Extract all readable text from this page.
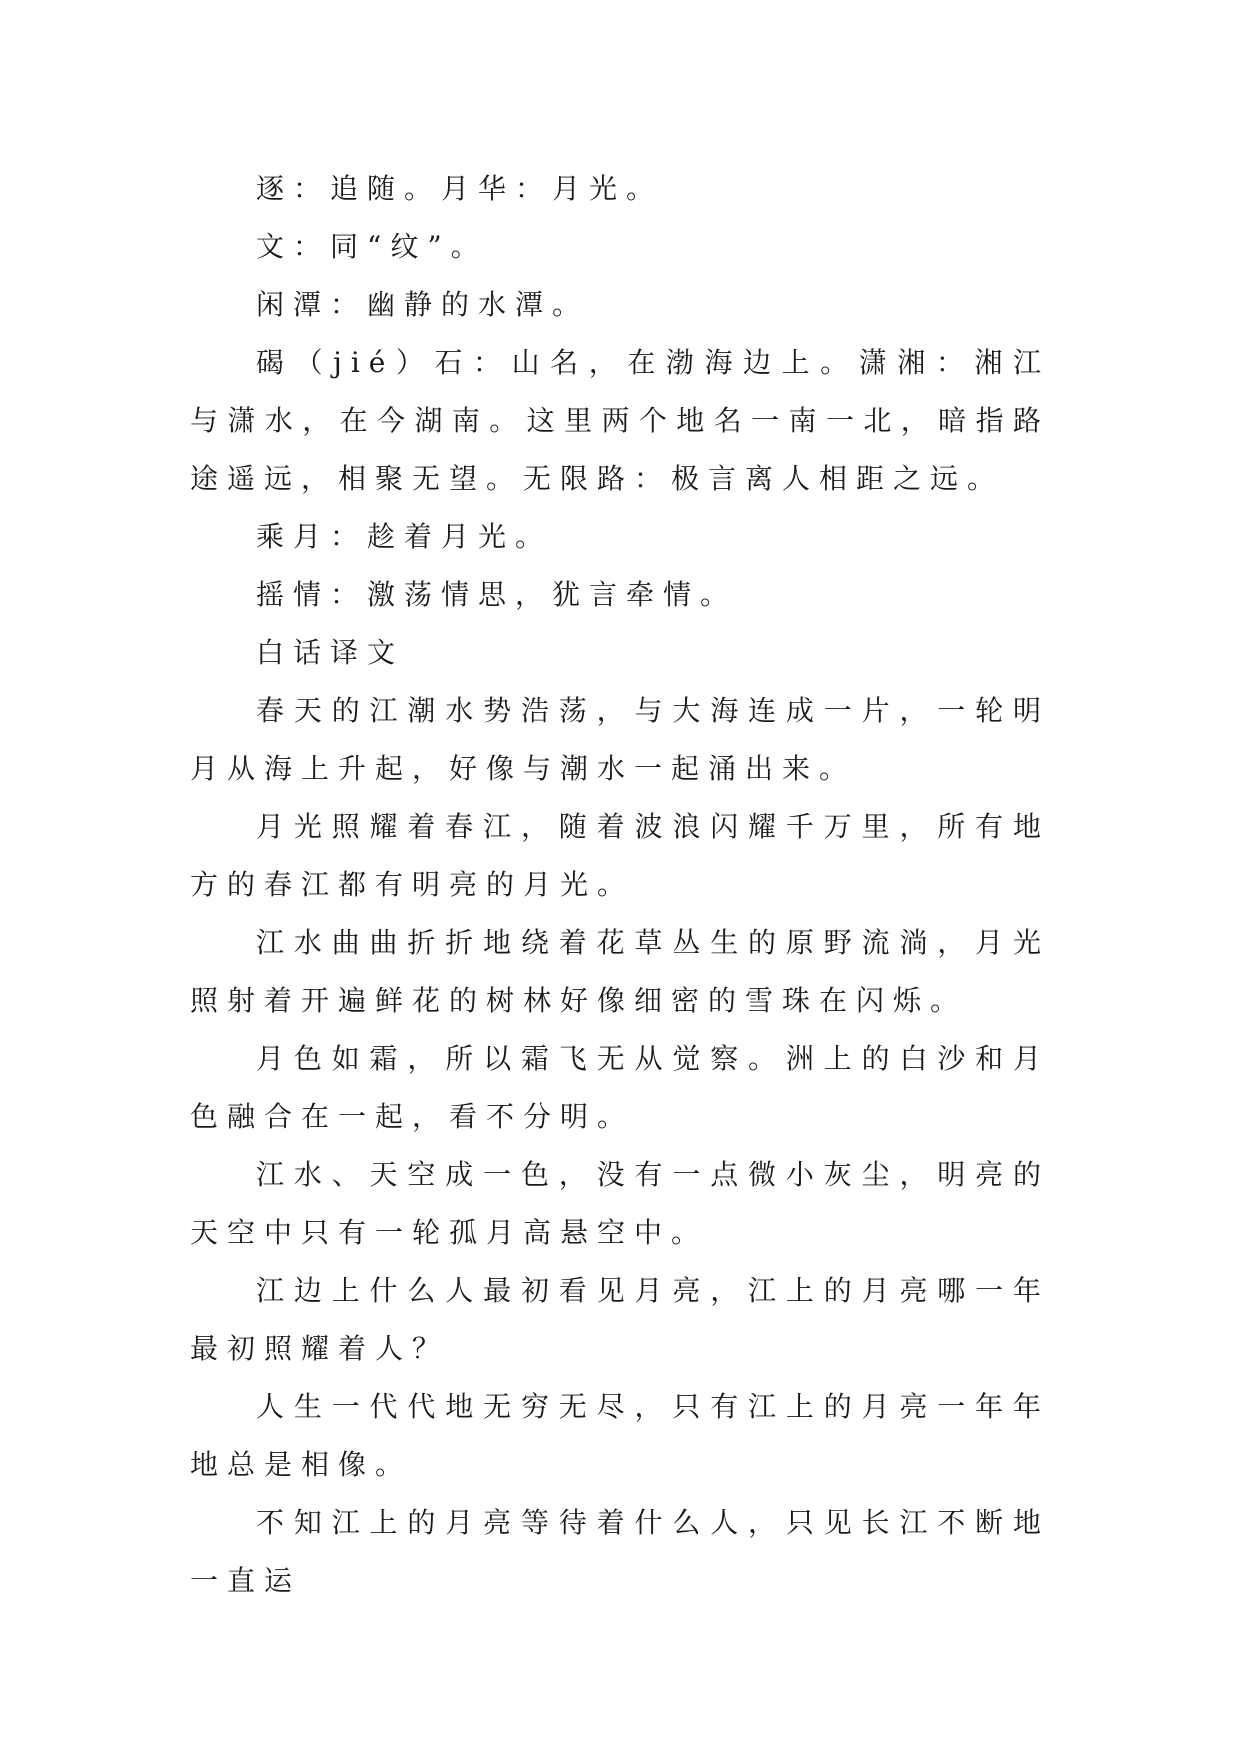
逐：追随。月华：月光。

文：同“纹”。

闲潭：幽静的水潭。

碣（jié）石：山名，在渤海边上。潇湘：湘江与潇水，在今湖南。这里两个地名一南一北，暗指路途遥远，相聚无望。无限路：极言离人相距之远。

乘月：趁着月光。

摇情：激荡情思，犹言牵情。

白话译文

春天的江潮水势浩荡，与大海连成一片，一轮明月从海上升起，好像与潮水一起涌出来。

月光照耀着春江，随着波浪闪耀千万里，所有地方的春江都有明亮的月光。

江水曲曲折折地绕着花草丛生的原野流淌，月光照射着开遍鲜花的树林好像细密的雪珠在闪烁。

月色如霜，所以霜飞无从觉察。洲上的白沙和月色融合在一起，看不分明。

江水、天空成一色，没有一点微小灰尘，明亮的天空中只有一轮孤月高悬空中。

江边上什么人最初看见月亮，江上的月亮哪一年最初照耀着人？

人生一代代地无穷无尽，只有江上的月亮一年年地总是相像。

不知江上的月亮等待着什么人，只见长江不断地一直运
